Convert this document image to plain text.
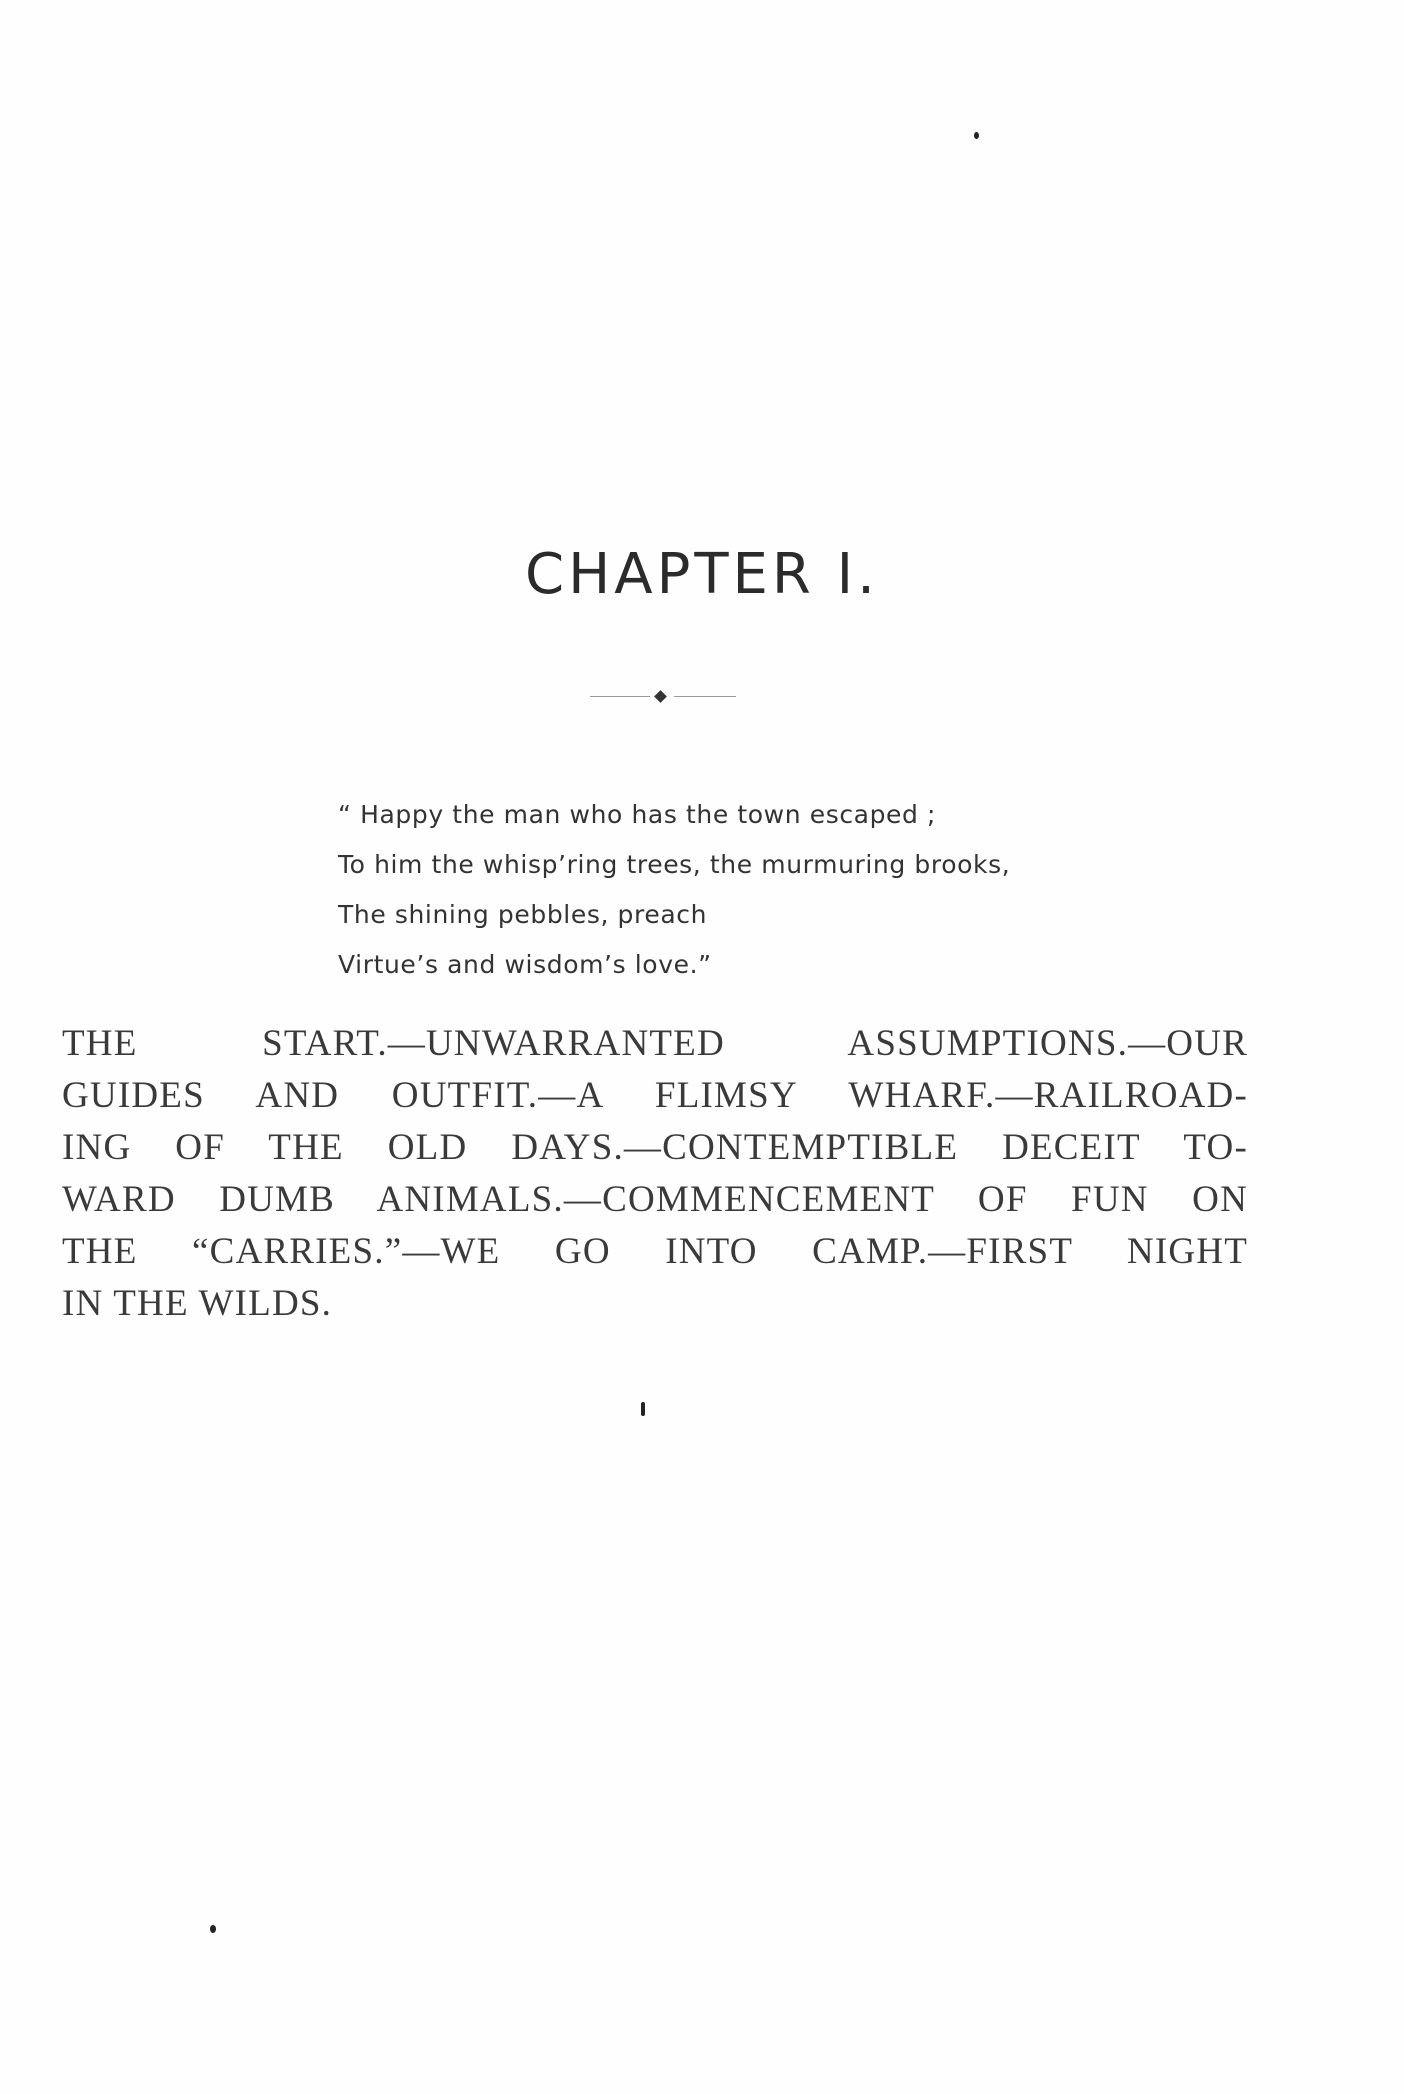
CHAPTER I.
“ Happy the man who has the town escaped ;
To him the whisp’ring trees, the murmuring brooks,
The shining pebbles, preach
Virtue’s and wisdom’s love.”
THE START.—UNWARRANTED ASSUMPTIONS.—OUR
GUIDES AND OUTFIT.—A FLIMSY WHARF.—RAILROAD-
ING OF THE OLD DAYS.—CONTEMPTIBLE DECEIT TO-
WARD DUMB ANIMALS.—COMMENCEMENT OF FUN ON
THE “CARRIES.”—WE GO INTO CAMP.—FIRST NIGHT
IN THE WILDS.
